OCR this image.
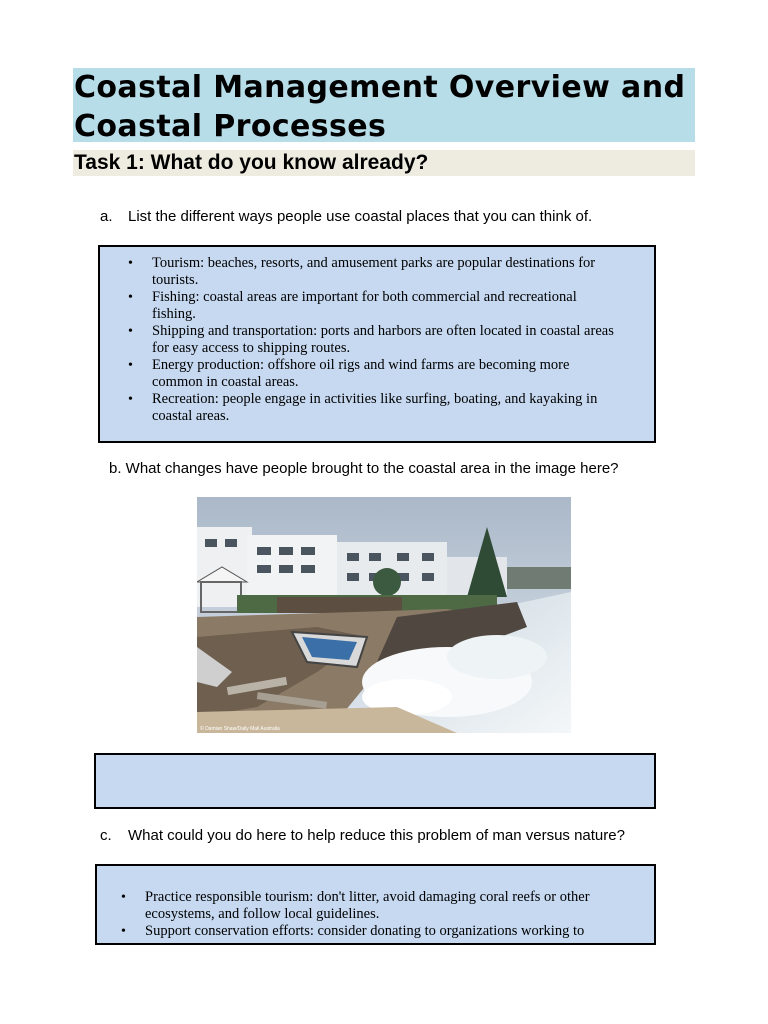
Coastal Management Overview and
Coastal Processes
Task 1: What do you know already?
a. List the different ways people use coastal places that you can think of.
• Tourism: beaches, resorts, and amusement parks are popular destinations for
tourists.
• Fishing: coastal areas are important for both commercial and recreational
fishing.
• Shipping and transportation: ports and harbors are often located in coastal areas
for easy access to shipping routes.
• Energy production: offshore oil rigs and wind farms are becoming more
common in coastal areas.
• Recreation: people engage in activities like surfing, boating, and kayaking in
coastal areas.
b. What changes have people brought to the coastal area in the image here?
© Damian Shaw/Daily Mail Australia
c. What could you do here to help reduce this problem of man versus nature?
• Practice responsible tourism: don't litter, avoid damaging coral reefs or other
ecosystems, and follow local guidelines.
• Support conservation efforts: consider donating to organizations working to
